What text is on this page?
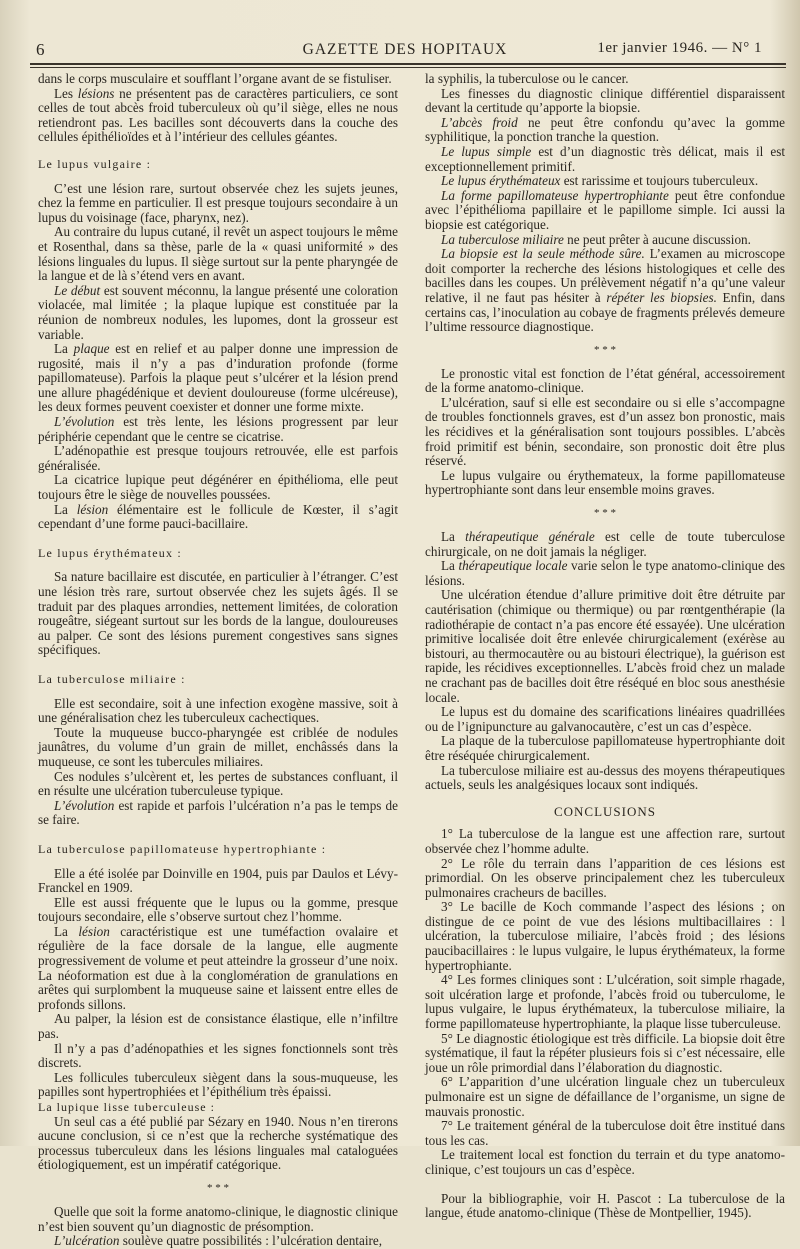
6	GAZETTE DES HOPITAUX	1er janvier 1946. — N° 1

dans le corps musculaire et soufflant l’organe avant de se fistuliser.

Les lésions ne présentent pas de caractères particuliers, ce sont celles de tout abcès froid tuberculeux où qu’il siège, elles ne nous retiendront pas. Les bacilles sont découverts dans la couche des cellules épithélioïdes et à l’intérieur des cellules géantes.

Le lupus vulgaire :

C’est une lésion rare, surtout observée chez les sujets jeunes, chez la femme en particulier. Il est presque toujours secondaire à un lupus du voisinage (face, pharynx, nez).

Au contraire du lupus cutané, il revêt un aspect toujours le même et Rosenthal, dans sa thèse, parle de la « quasi uniformité » des lésions linguales du lupus. Il siège surtout sur la pente pharyngée de la langue et de là s’étend vers en avant.

Le début est souvent méconnu, la langue présenté une coloration violacée, mal limitée ; la plaque lupique est constituée par la réunion de nombreux nodules, les lupomes, dont la grosseur est variable.

La plaque est en relief et au palper donne une impression de rugosité, mais il n’y a pas d’induration profonde (forme papillomateuse). Parfois la plaque peut s’ulcérer et la lésion prend une allure phagédénique et devient douloureuse (forme ulcéreuse), les deux formes peuvent coexister et donner une forme mixte.

L’évolution est très lente, les lésions progressent par leur périphérie cependant que le centre se cicatrise.

L’adénopathie est presque toujours retrouvée, elle est parfois généralisée.

La cicatrice lupique peut dégénérer en épithélioma, elle peut toujours être le siège de nouvelles poussées.

La lésion élémentaire est le follicule de Kœster, il s’agit cependant d’une forme pauci-bacillaire.

Le lupus érythémateux :

Sa nature bacillaire est discutée, en particulier à l’étranger. C’est une lésion très rare, surtout observée chez les sujets âgés. Il se traduit par des plaques arrondies, nettement limitées, de coloration rougeâtre, siégeant surtout sur les bords de la langue, douloureuses au palper. Ce sont des lésions purement congestives sans signes spécifiques.

La tuberculose miliaire :

Elle est secondaire, soit à une infection exogène massive, soit à une généralisation chez les tuberculeux cachectiques.

Toute la muqueuse bucco-pharyngée est criblée de nodules jaunâtres, du volume d’un grain de millet, enchâssés dans la muqueuse, ce sont les tubercules miliaires.

Ces nodules s’ulcèrent et, les pertes de substances confluant, il en résulte une ulcération tuberculeuse typique.

L’évolution est rapide et parfois l’ulcération n’a pas le temps de se faire.

La tuberculose papillomateuse hypertrophiante :

Elle a été isolée par Doinville en 1904, puis par Daulos et Lévy-Franckel en 1909.

Elle est aussi fréquente que le lupus ou la gomme, presque toujours secondaire, elle s’observe surtout chez l’homme.

La lésion caractéristique est une tuméfaction ovalaire et régulière de la face dorsale de la langue, elle augmente progressivement de volume et peut atteindre la grosseur d’une noix. La néoformation est due à la conglomération de granulations en arêtes qui surplombent la muqueuse saine et laissent entre elles de profonds sillons.

Au palper, la lésion est de consistance élastique, elle n’infiltre pas.

Il n’y a pas d’adénopathies et les signes fonctionnels sont très discrets.

Les follicules tuberculeux siègent dans la sous-muqueuse, les papilles sont hypertrophiées et l’épithélium très épaissi.

La lupique lisse tuberculeuse :

Un seul cas a été publié par Sézary en 1940. Nous n’en tirerons aucune conclusion, si ce n’est que la recherche systématique des processus tuberculeux dans les lésions linguales mal cataloguées étiologiquement, est un impératif catégorique.

* * *

Quelle que soit la forme anatomo-clinique, le diagnostic clinique n’est bien souvent qu’un diagnostic de présomption.

L’ulcération soulève quatre possibilités : l’ulcération dentaire,

la syphilis, la tuberculose ou le cancer.

Les finesses du diagnostic clinique différentiel disparaissent devant la certitude qu’apporte la biopsie.

L’abcès froid ne peut être confondu qu’avec la gomme syphilitique, la ponction tranche la question.

Le lupus simple est d’un diagnostic très délicat, mais il est exceptionnellement primitif.

Le lupus érythémateux est rarissime et toujours tuberculeux.

La forme papillomateuse hypertrophiante peut être confondue avec l’épithélioma papillaire et le papillome simple. Ici aussi la biopsie est catégorique.

La tuberculose miliaire ne peut prêter à aucune discussion.

La biopsie est la seule méthode sûre. L’examen au microscope doit comporter la recherche des lésions histologiques et celle des bacilles dans les coupes. Un prélèvement négatif n’a qu’une valeur relative, il ne faut pas hésiter à répéter les biopsies. Enfin, dans certains cas, l’inoculation au cobaye de fragments prélevés demeure l’ultime ressource diagnostique.

* * *

Le pronostic vital est fonction de l’état général, accessoirement de la forme anatomo-clinique.

L’ulcération, sauf si elle est secondaire ou si elle s’accompagne de troubles fonctionnels graves, est d’un assez bon pronostic, mais les récidives et la généralisation sont toujours possibles. L’abcès froid primitif est bénin, secondaire, son pronostic doit être plus réservé.

Le lupus vulgaire ou érythemateux, la forme papillomateuse hypertrophiante sont dans leur ensemble moins graves.

* * *

La thérapeutique générale est celle de toute tuberculose chirurgicale, on ne doit jamais la négliger.

La thérapeutique locale varie selon le type anatomo-clinique des lésions.

Une ulcération étendue d’allure primitive doit être détruite par cautérisation (chimique ou thermique) ou par rœntgenthérapie (la radiothérapie de contact n’a pas encore été essayée). Une ulcération primitive localisée doit être enlevée chirurgicalement (exérèse au bistouri, au thermocautère ou au bistouri électrique), la guérison est rapide, les récidives exceptionnelles. L’abcès froid chez un malade ne crachant pas de bacilles doit être réséqué en bloc sous anesthésie locale.

Le lupus est du domaine des scarifications linéaires quadrillées ou de l’ignipuncture au galvanocautère, c’est un cas d’espèce.

La plaque de la tuberculose papillomateuse hypertrophiante doit être réséquée chirurgicalement.

La tuberculose miliaire est au-dessus des moyens thérapeutiques actuels, seuls les analgésiques locaux sont indiqués.

CONCLUSIONS

1° La tuberculose de la langue est une affection rare, surtout observée chez l’homme adulte.

2° Le rôle du terrain dans l’apparition de ces lésions est primordial. On les observe principalement chez les tuberculeux pulmonaires cracheurs de bacilles.

3° Le bacille de Koch commande l’aspect des lésions ; on distingue de ce point de vue des lésions multibacillaires : l ulcération, la tuberculose miliaire, l’abcès froid ; des lésions paucibacillaires : le lupus vulgaire, le lupus érythémateux, la forme hypertrophiante.

4° Les formes cliniques sont : L’ulcération, soit simple rhagade, soit ulcération large et profonde, l’abcès froid ou tuberculome, le lupus vulgaire, le lupus érythémateux, la tuberculose miliaire, la forme papillomateuse hypertrophiante, la plaque lisse tuberculeuse.

5° Le diagnostic étiologique est très difficile. La biopsie doit être systématique, il faut la répéter plusieurs fois si c’est nécessaire, elle joue un rôle primordial dans l’élaboration du diagnostic.

6° L’apparition d’une ulcération linguale chez un tuberculeux pulmonaire est un signe de défaillance de l’organisme, un signe de mauvais pronostic.

7° Le traitement général de la tuberculose doit être institué dans tous les cas.

Le traitement local est fonction du terrain et du type anatomo-clinique, c’est toujours un cas d’espèce.

Pour la bibliographie, voir H. Pascot : La tuberculose de la langue, étude anatomo-clinique (Thèse de Montpellier, 1945).
